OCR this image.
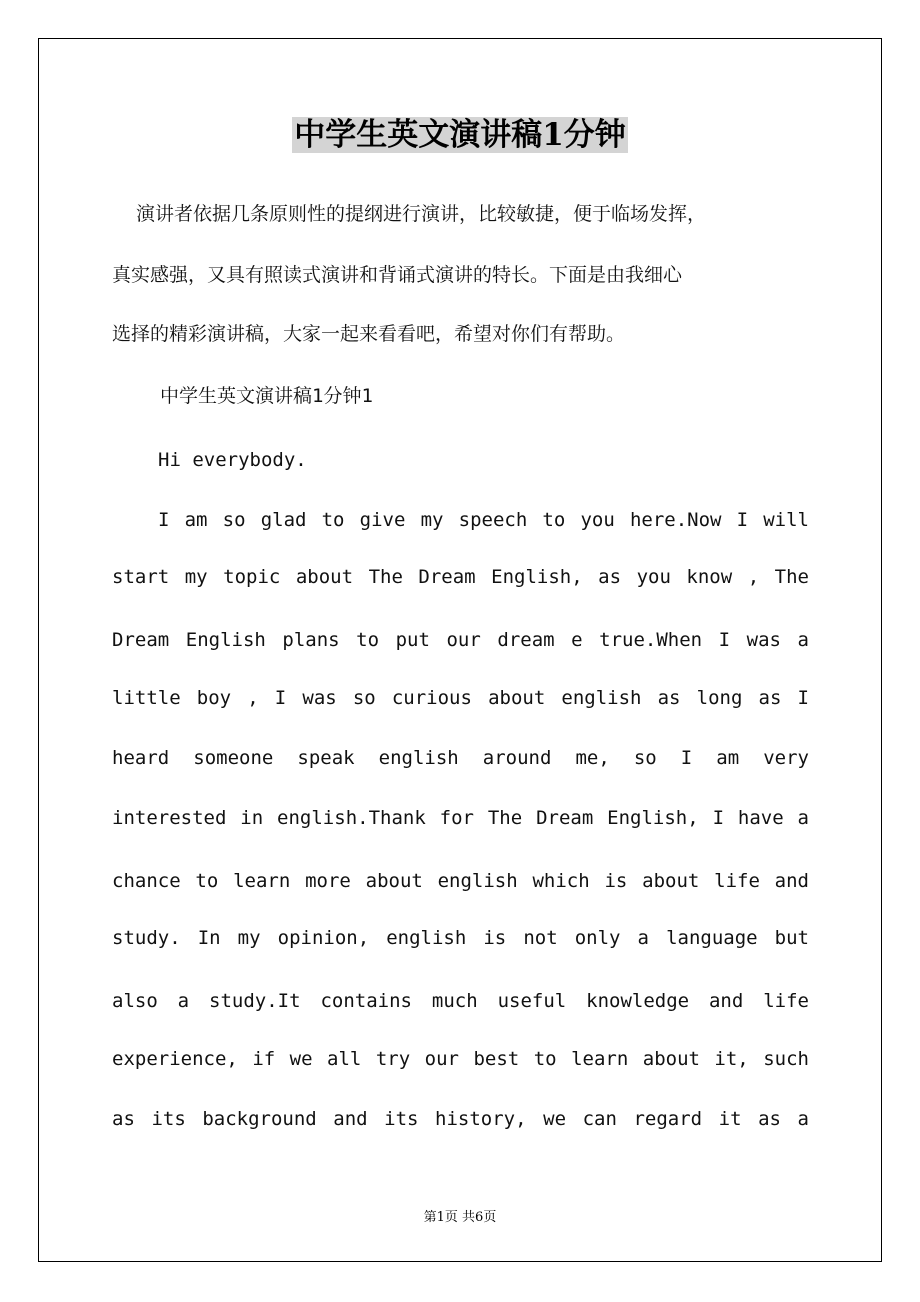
中学生英文演讲稿1分钟
演讲者依据几条原则性的提纲进行演讲，比较敏捷，便于临场发挥，
真实感强，又具有照读式演讲和背诵式演讲的特长。下面是由我细心
选择的精彩演讲稿，大家一起来看看吧，希望对你们有帮助。
中学生英文演讲稿1分钟1
Hi everybody.
I am so glad to give my speech to you here.Now I will
start my topic about The Dream English, as you know , The
Dream English plans to put our dream e true.When I was a
little boy , I was so curious about english as long as I
heard someone speak english around me, so I am very
interested in english.Thank for The Dream English, I have a
chance to learn more about english which is about life and
study. In my opinion, english is not only a language but
also a study.It contains much useful knowledge and life
experience, if we all try our best to learn about it, such
as its background and its history, we can regard it as a
第1页 共6页
